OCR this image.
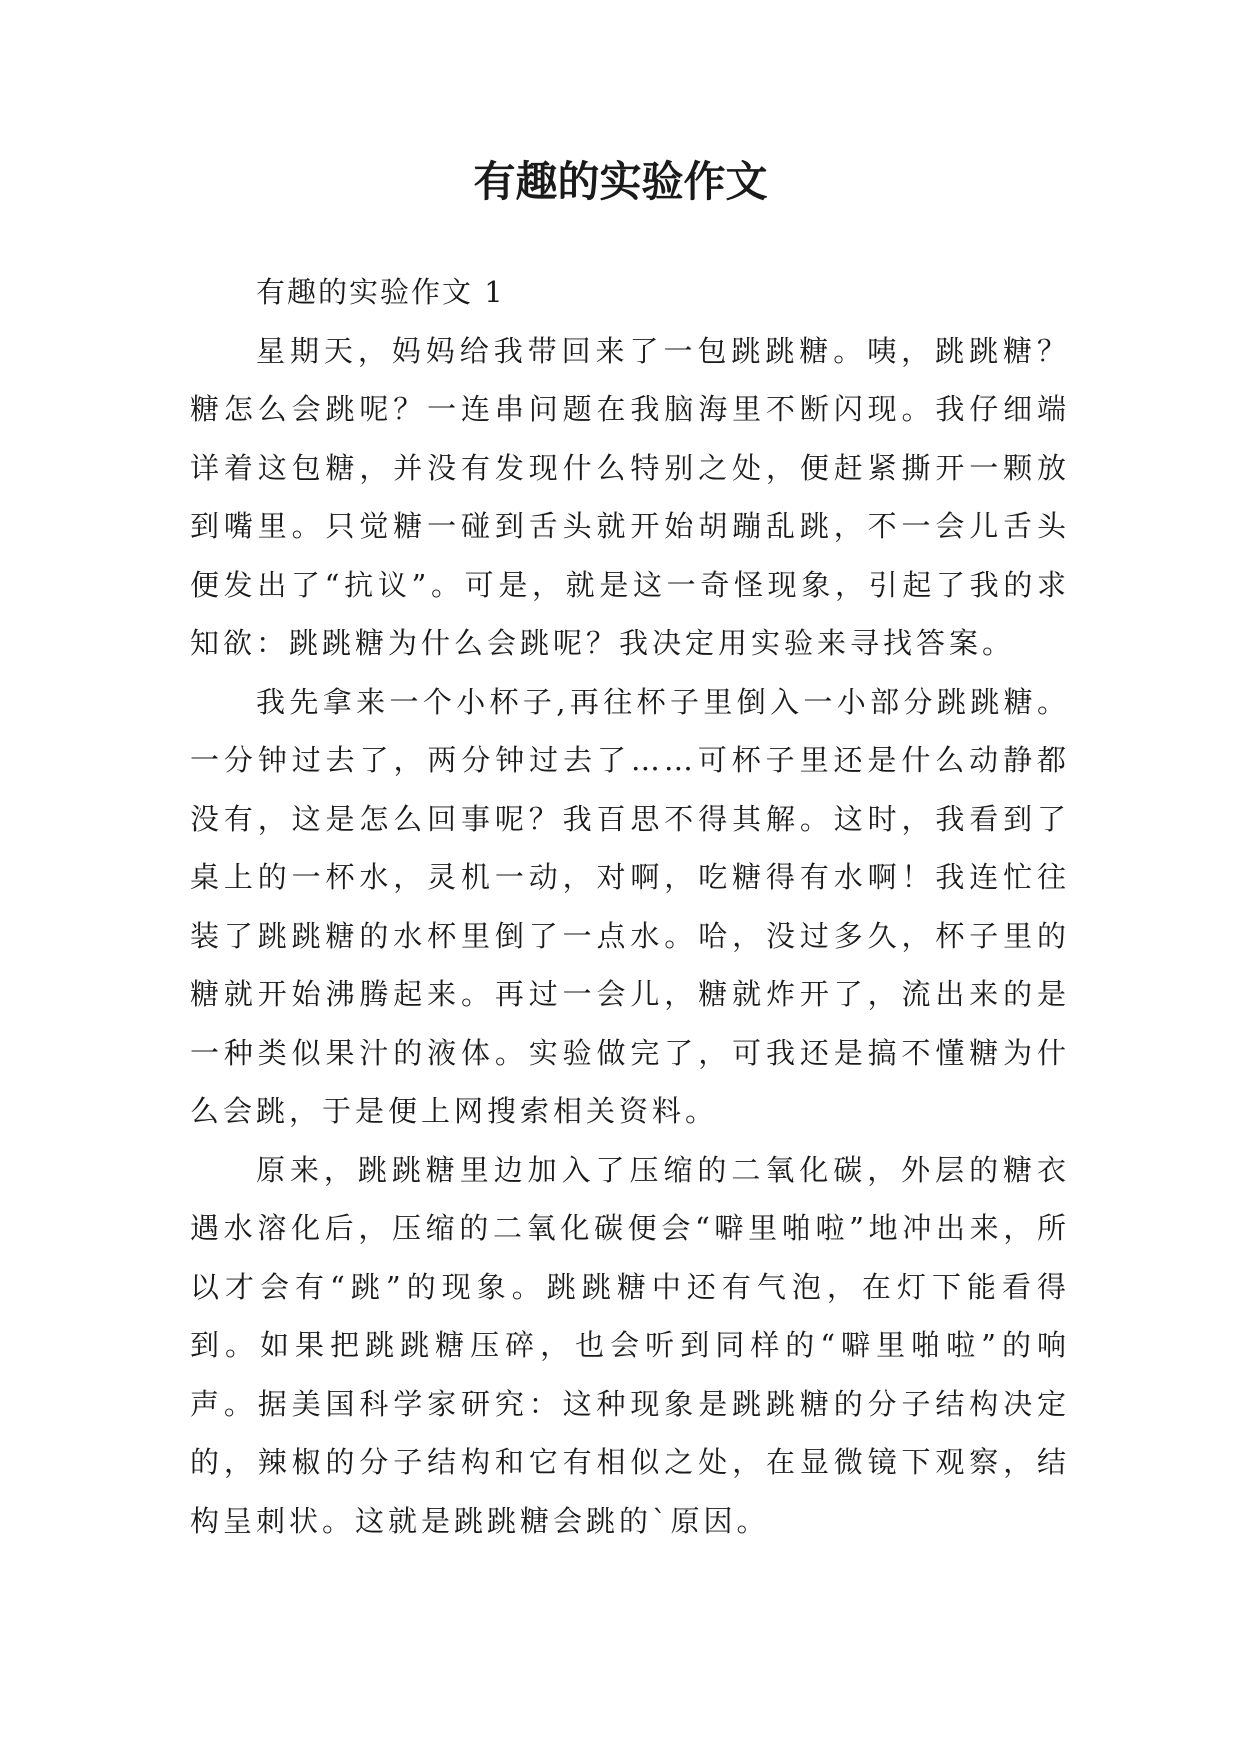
有趣的实验作文

有趣的实验作文 1

星期天，妈妈给我带回来了一包跳跳糖。咦，跳跳糖？糖怎么会跳呢？一连串问题在我脑海里不断闪现。我仔细端详着这包糖，并没有发现什么特别之处，便赶紧撕开一颗放到嘴里。只觉糖一碰到舌头就开始胡蹦乱跳，不一会儿舌头便发出了“抗议”。可是，就是这一奇怪现象，引起了我的求知欲：跳跳糖为什么会跳呢？我决定用实验来寻找答案。

我先拿来一个小杯子,再往杯子里倒入一小部分跳跳糖。一分钟过去了，两分钟过去了……可杯子里还是什么动静都没有，这是怎么回事呢？我百思不得其解。这时，我看到了桌上的一杯水，灵机一动，对啊，吃糖得有水啊！我连忙往装了跳跳糖的水杯里倒了一点水。哈，没过多久，杯子里的糖就开始沸腾起来。再过一会儿，糖就炸开了，流出来的是一种类似果汁的液体。实验做完了，可我还是搞不懂糖为什么会跳，于是便上网搜索相关资料。

原来，跳跳糖里边加入了压缩的二氧化碳，外层的糖衣遇水溶化后，压缩的二氧化碳便会“噼里啪啦”地冲出来，所以才会有“跳”的现象。跳跳糖中还有气泡，在灯下能看得到。如果把跳跳糖压碎，也会听到同样的“噼里啪啦”的响声。据美国科学家研究：这种现象是跳跳糖的分子结构决定的，辣椒的分子结构和它有相似之处，在显微镜下观察，结构呈刺状。这就是跳跳糖会跳的`原因。
